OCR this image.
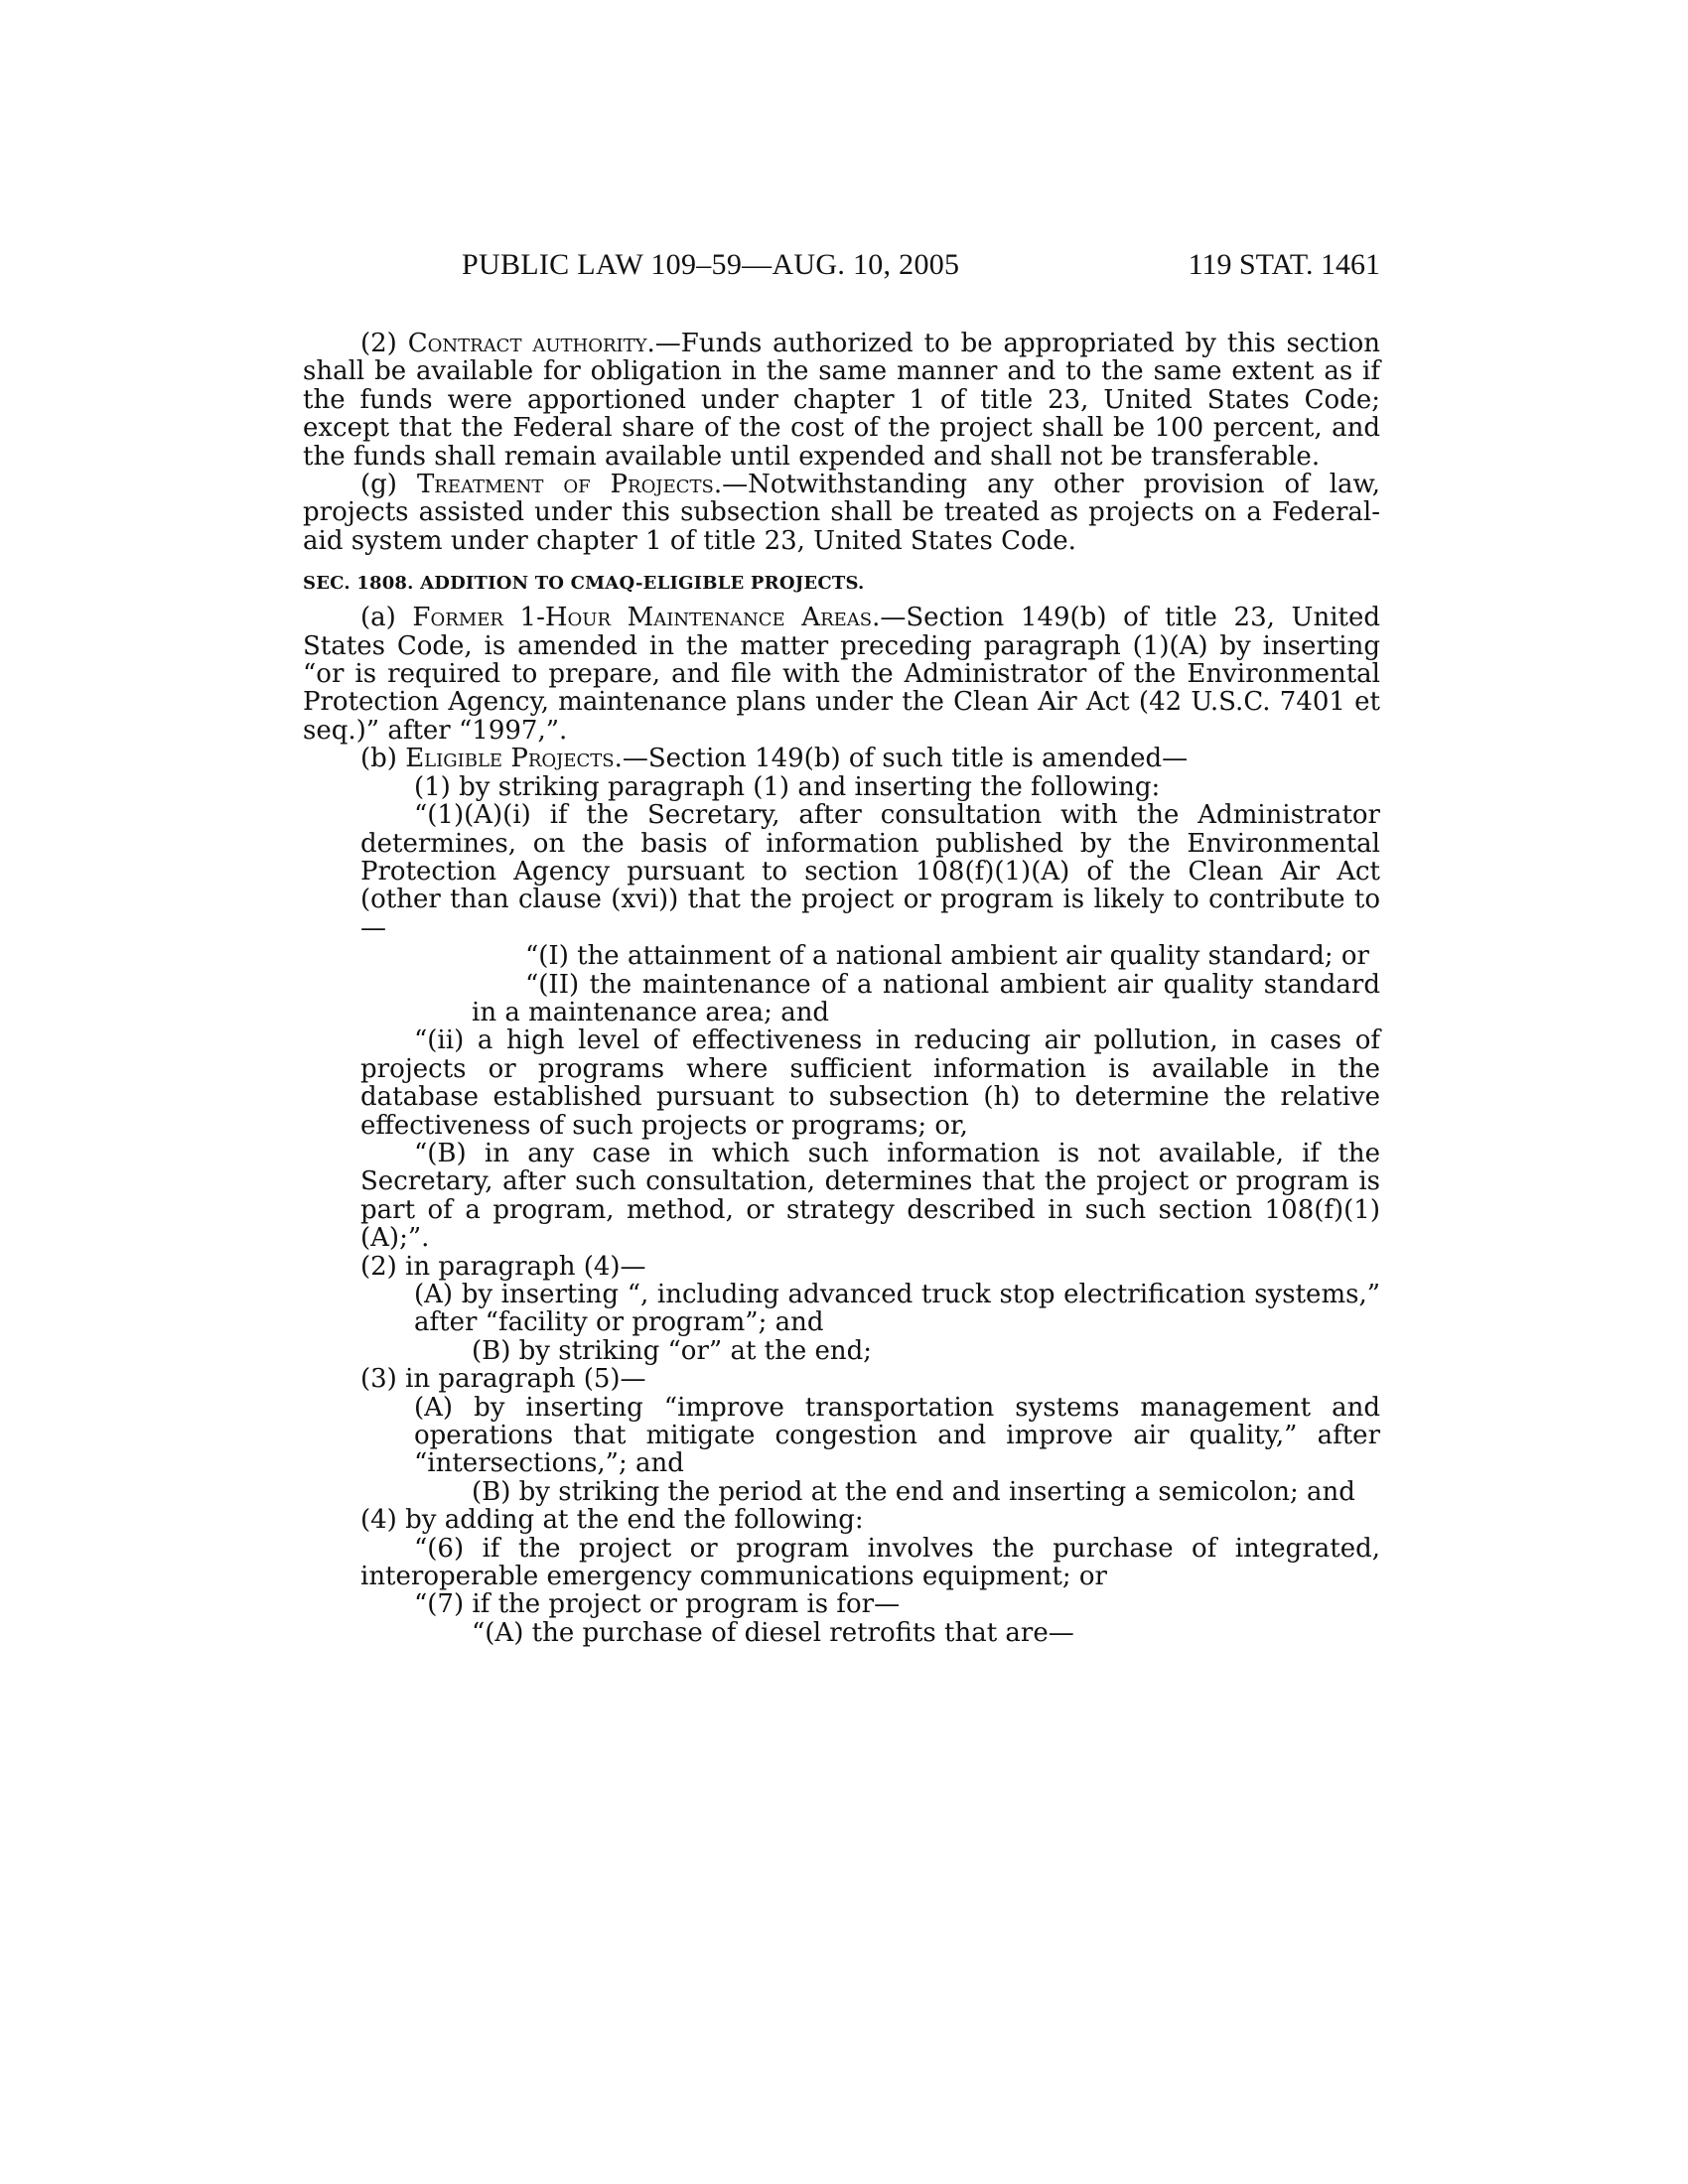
PUBLIC LAW 109–59—AUG. 10, 2005	119 STAT. 1461

(2) Contract authority.—Funds authorized to be appropriated by this section shall be available for obligation in the same manner and to the same extent as if the funds were apportioned under chapter 1 of title 23, United States Code; except that the Federal share of the cost of the project shall be 100 percent, and the funds shall remain available until expended and shall not be transferable.

(g) Treatment of Projects.—Notwithstanding any other provision of law, projects assisted under this subsection shall be treated as projects on a Federal-aid system under chapter 1 of title 23, United States Code.

SEC. 1808. ADDITION TO CMAQ-ELIGIBLE PROJECTS.

(a) Former 1-Hour Maintenance Areas.—Section 149(b) of title 23, United States Code, is amended in the matter preceding paragraph (1)(A) by inserting “or is required to prepare, and file with the Administrator of the Environmental Protection Agency, maintenance plans under the Clean Air Act (42 U.S.C. 7401 et seq.)” after “1997,”.

(b) Eligible Projects.—Section 149(b) of such title is amended—

(1) by striking paragraph (1) and inserting the following:

“(1)(A)(i) if the Secretary, after consultation with the Administrator determines, on the basis of information published by the Environmental Protection Agency pursuant to section 108(f)(1)(A) of the Clean Air Act (other than clause (xvi)) that the project or program is likely to contribute to—

“(I) the attainment of a national ambient air quality standard; or

“(II) the maintenance of a national ambient air quality standard in a maintenance area; and

“(ii) a high level of effectiveness in reducing air pollution, in cases of projects or programs where sufficient information is available in the database established pursuant to subsection (h) to determine the relative effectiveness of such projects or programs; or,

“(B) in any case in which such information is not available, if the Secretary, after such consultation, determines that the project or program is part of a program, method, or strategy described in such section 108(f)(1)(A);”.

(2) in paragraph (4)—

(A) by inserting “, including advanced truck stop electrification systems,” after “facility or program”; and

(B) by striking “or” at the end;

(3) in paragraph (5)—

(A) by inserting “improve transportation systems management and operations that mitigate congestion and improve air quality,” after “intersections,”; and

(B) by striking the period at the end and inserting a semicolon; and

(4) by adding at the end the following:

“(6) if the project or program involves the purchase of integrated, interoperable emergency communications equipment; or

“(7) if the project or program is for—

“(A) the purchase of diesel retrofits that are—
